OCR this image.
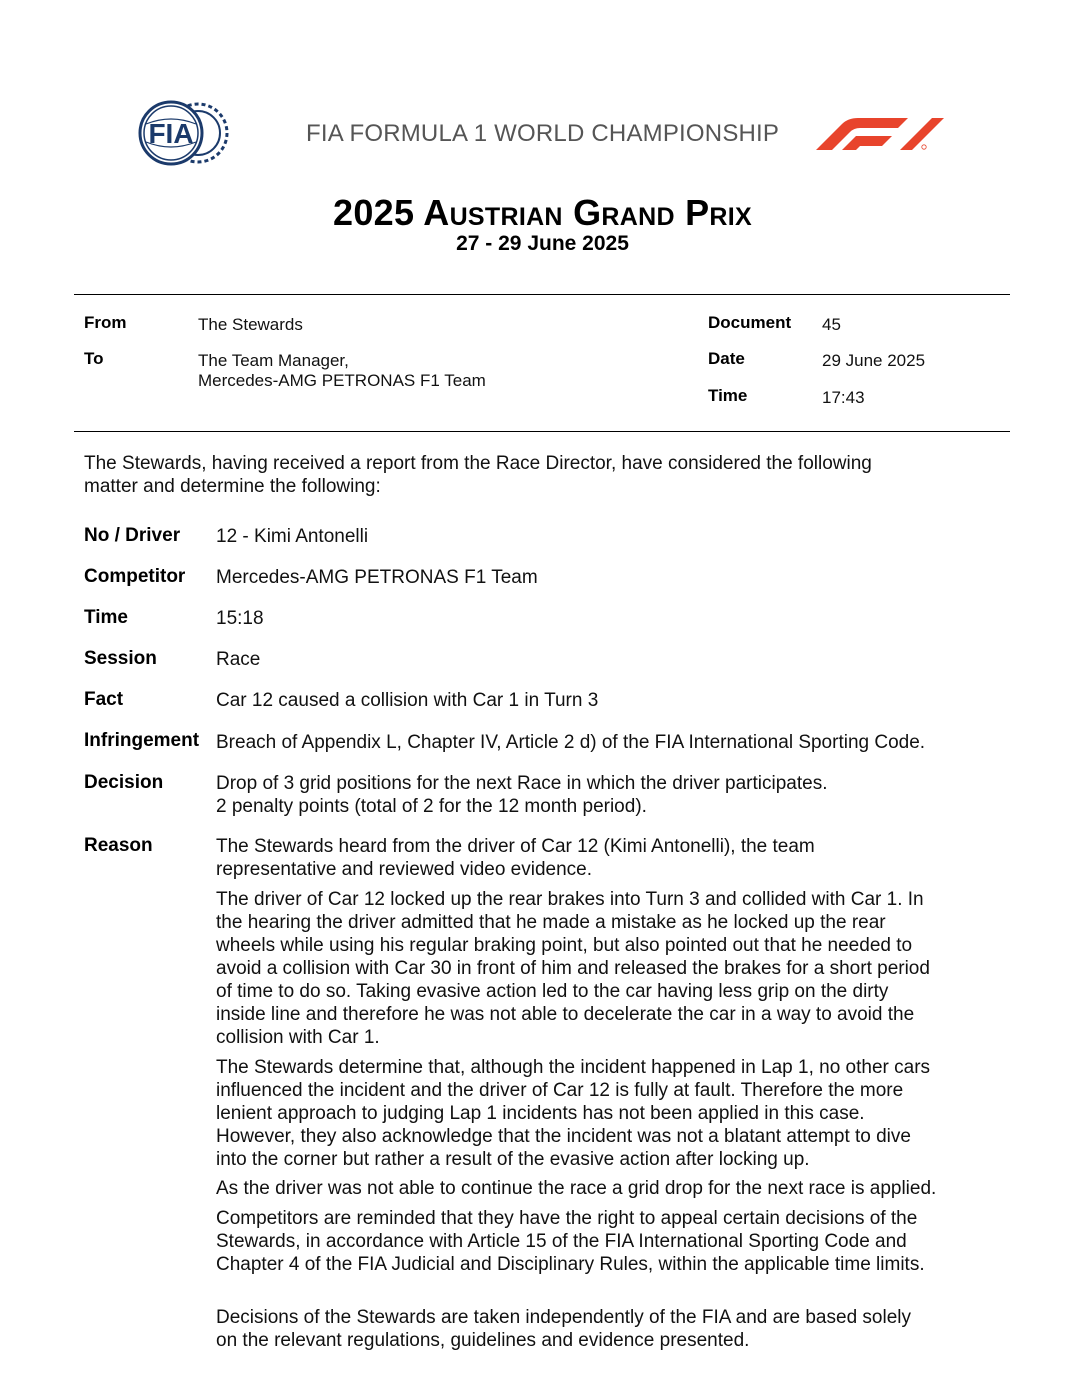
FIA	FIA FORMULA 1 WORLD CHAMPIONSHIP
2025 Austrian Grand Prix
27 - 29 June 2025
From	The Stewards
To	The Team Manager,
Mercedes-AMG PETRONAS F1 Team
Document 45
Date	29 June 2025
Time	17:43
The Stewards, having received a report from the Race Director, have considered the following
matter and determine the following:
No / Driver 12 - Kimi Antonelli
Competitor Mercedes-AMG PETRONAS F1 Team
Time	15:18
Session	Race
Fact	Car 12 caused a collision with Car 1 in Turn 3
Infringement Breach of Appendix L, Chapter IV, Article 2 d) of the FIA International Sporting Code.
Decision	Drop of 3 grid positions for the next Race in which the driver participates.
2 penalty points (total of 2 for the 12 month period).
Reason	The Stewards heard from the driver of Car 12 (Kimi Antonelli), the team
representative and reviewed video evidence.
The driver of Car 12 locked up the rear brakes into Turn 3 and collided with Car 1. In
the hearing the driver admitted that he made a mistake as he locked up the rear
wheels while using his regular braking point, but also pointed out that he needed to
avoid a collision with Car 30 in front of him and released the brakes for a short period
of time to do so. Taking evasive action led to the car having less grip on the dirty
inside line and therefore he was not able to decelerate the car in a way to avoid the
collision with Car 1.
The Stewards determine that, although the incident happened in Lap 1, no other cars
influenced the incident and the driver of Car 12 is fully at fault. Therefore the more
lenient approach to judging Lap 1 incidents has not been applied in this case.
However, they also acknowledge that the incident was not a blatant attempt to dive
into the corner but rather a result of the evasive action after locking up.
As the driver was not able to continue the race a grid drop for the next race is applied.
Competitors are reminded that they have the right to appeal certain decisions of the
Stewards, in accordance with Article 15 of the FIA International Sporting Code and
Chapter 4 of the FIA Judicial and Disciplinary Rules, within the applicable time limits.
Decisions of the Stewards are taken independently of the FIA and are based solely
on the relevant regulations, guidelines and evidence presented.
